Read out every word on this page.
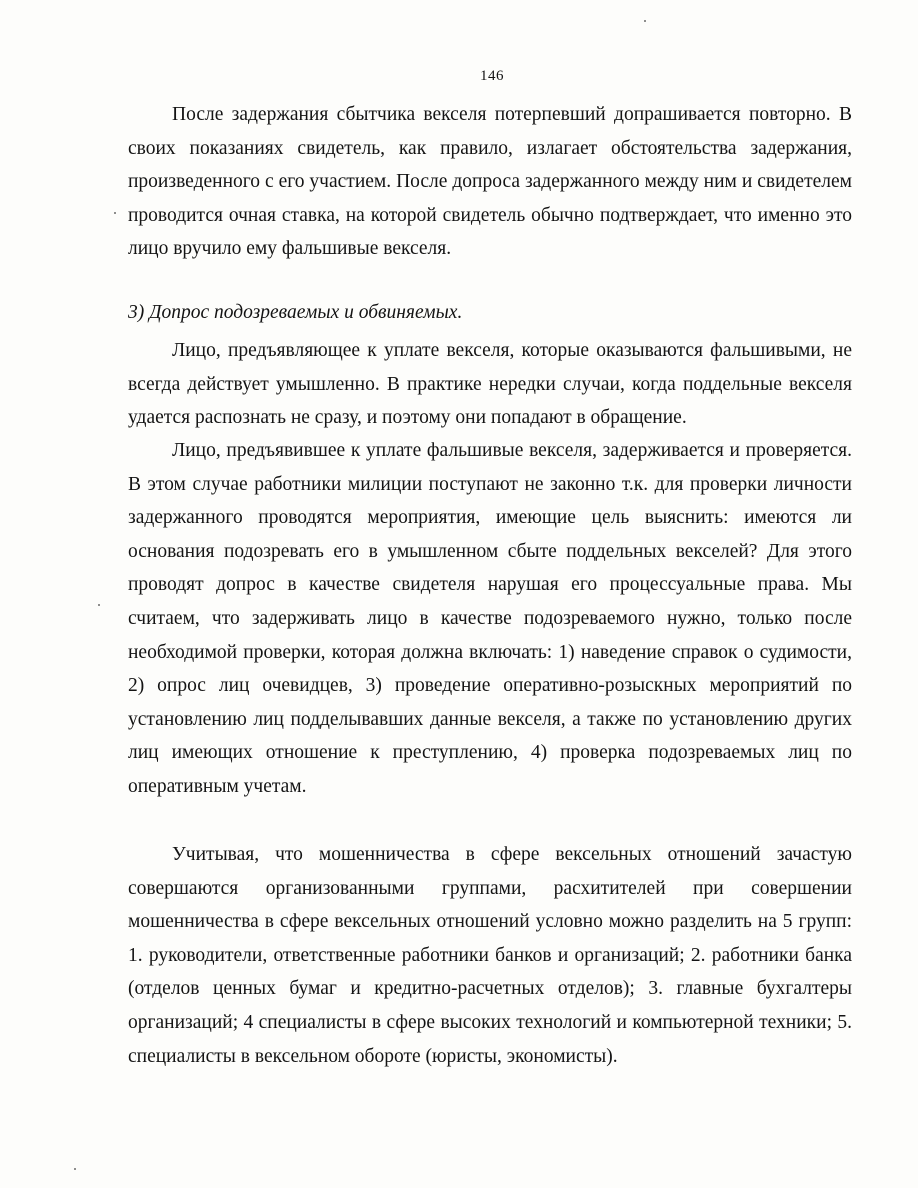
146

После задержания сбытчика векселя потерпевший допрашивается повторно. В своих показаниях свидетель, как правило, излагает обстоятельства задержания, произведенного с его участием. После допроса задержанного между ним и свидетелем проводится очная ставка, на которой свидетель обычно подтверждает, что именно это лицо вручило ему фальшивые векселя.

3) Допрос подозреваемых и обвиняемых.

Лицо, предъявляющее к уплате векселя, которые оказываются фальшивыми, не всегда действует умышленно. В практике нередки случаи, когда поддельные векселя удается распознать не сразу, и поэтому они попадают в обращение.

Лицо, предъявившее к уплате фальшивые векселя, задерживается и проверяется. В этом случае работники милиции поступают не законно т.к. для проверки личности задержанного проводятся мероприятия, имеющие цель выяснить: имеются ли основания подозревать его в умышленном сбыте поддельных векселей? Для этого проводят допрос в качестве свидетеля нарушая его процессуальные права. Мы считаем, что задерживать лицо в качестве подозреваемого нужно, только после необходимой проверки, которая должна включать: 1) наведение справок о судимости, 2) опрос лиц очевидцев, 3) проведение оперативно-розыскных мероприятий по установлению лиц подделывавших данные векселя, а также по установлению других лиц имеющих отношение к преступлению, 4) проверка подозреваемых лиц по оперативным учетам.

Учитывая, что мошенничества в сфере вексельных отношений зачастую совершаются организованными группами, расхитителей при совершении мошенничества в сфере вексельных отношений условно можно разделить на 5 групп: 1. руководители, ответственные работники банков и организаций; 2. работники банка (отделов ценных бумаг и кредитно-расчетных отделов); 3. главные бухгалтеры организаций; 4 специалисты в сфере высоких технологий и компьютерной техники; 5. специалисты в вексельном обороте (юристы, экономисты).
